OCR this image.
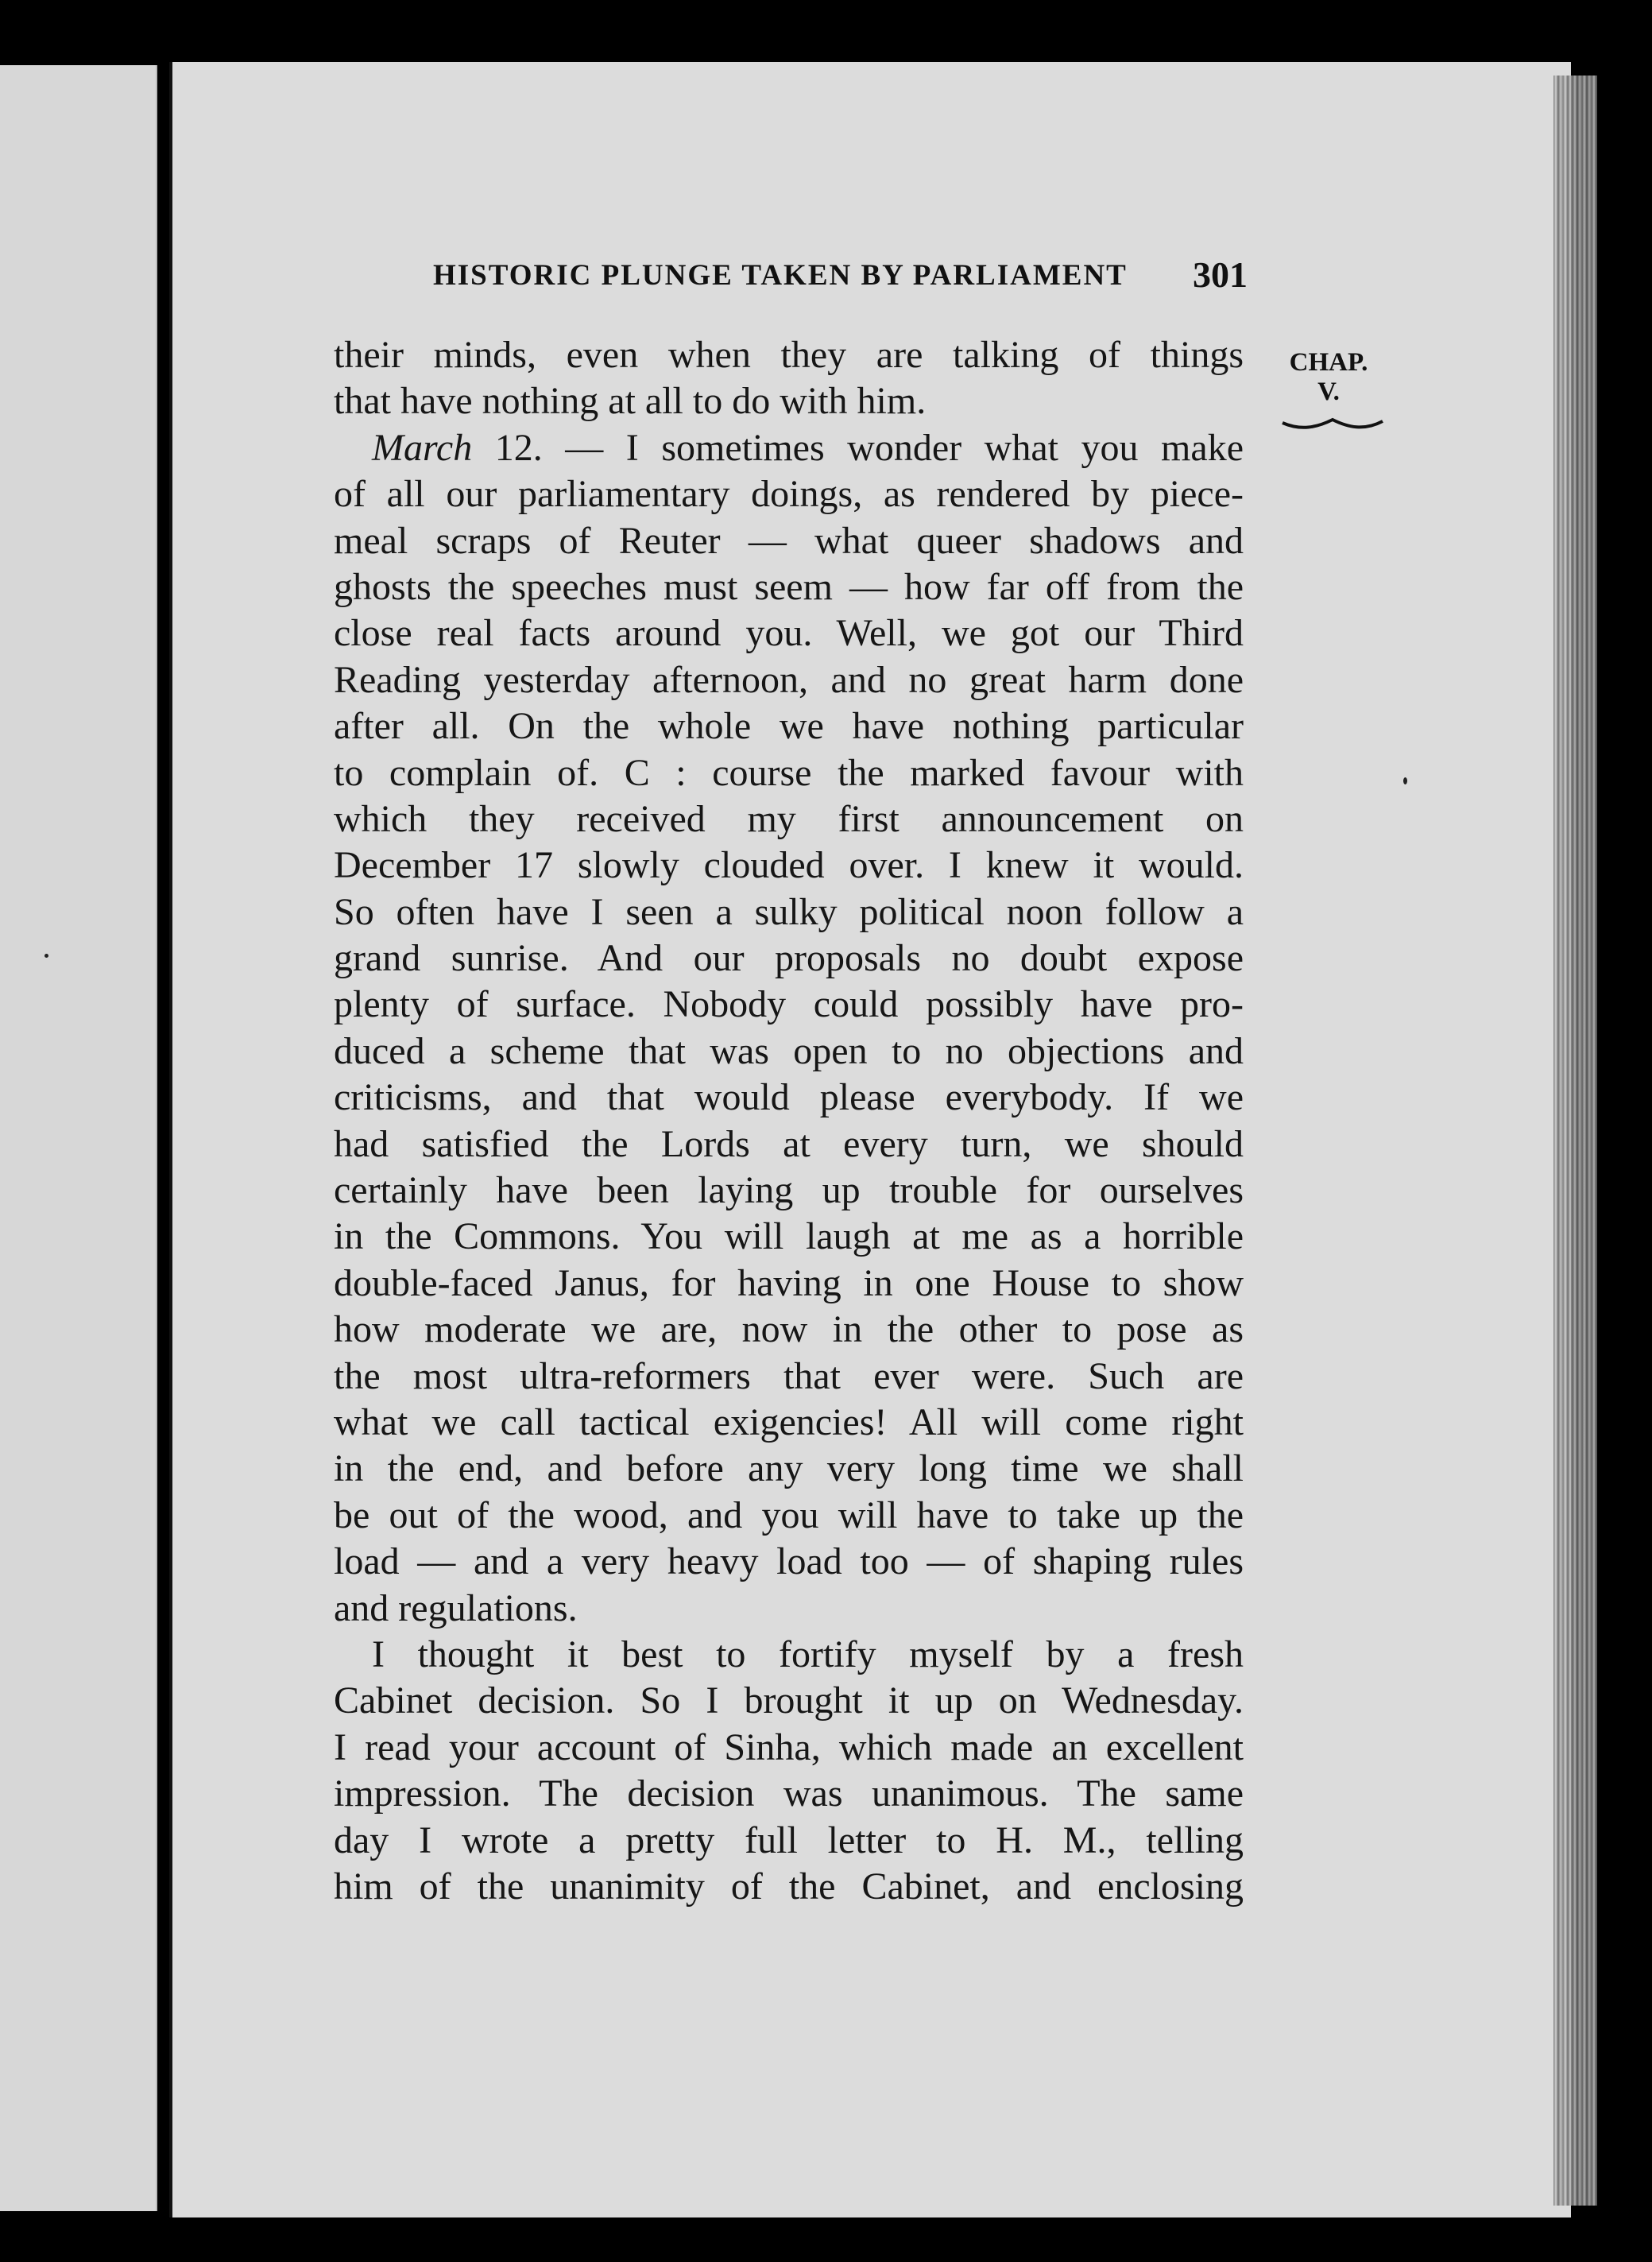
HISTORIC PLUNGE TAKEN BY PARLIAMENT 301
CHAP.
V.
their minds, even when they are talking of things
that have nothing at all to do with him.
March 12. — I sometimes wonder what you make
of all our parliamentary doings, as rendered by piece-
meal scraps of Reuter — what queer shadows and
ghosts the speeches must seem — how far off from the
close real facts around you. Well, we got our Third
Reading yesterday afternoon, and no great harm done
after all. On the whole we have nothing particular
to complain of. C : course the marked favour with
which they received my first announcement on
December 17 slowly clouded over. I knew it would.
So often have I seen a sulky political noon follow a
grand sunrise. And our proposals no doubt expose
plenty of surface. Nobody could possibly have pro-
duced a scheme that was open to no objections and
criticisms, and that would please everybody. If we
had satisfied the Lords at every turn, we should
certainly have been laying up trouble for ourselves
in the Commons. You will laugh at me as a horrible
double-faced Janus, for having in one House to show
how moderate we are, now in the other to pose as
the most ultra-reformers that ever were. Such are
what we call tactical exigencies! All will come right
in the end, and before any very long time we shall
be out of the wood, and you will have to take up the
load — and a very heavy load too — of shaping rules
and regulations.
I thought it best to fortify myself by a fresh
Cabinet decision. So I brought it up on Wednesday.
I read your account of Sinha, which made an excellent
impression. The decision was unanimous. The same
day I wrote a pretty full letter to H. M., telling
him of the unanimity of the Cabinet, and enclosing
